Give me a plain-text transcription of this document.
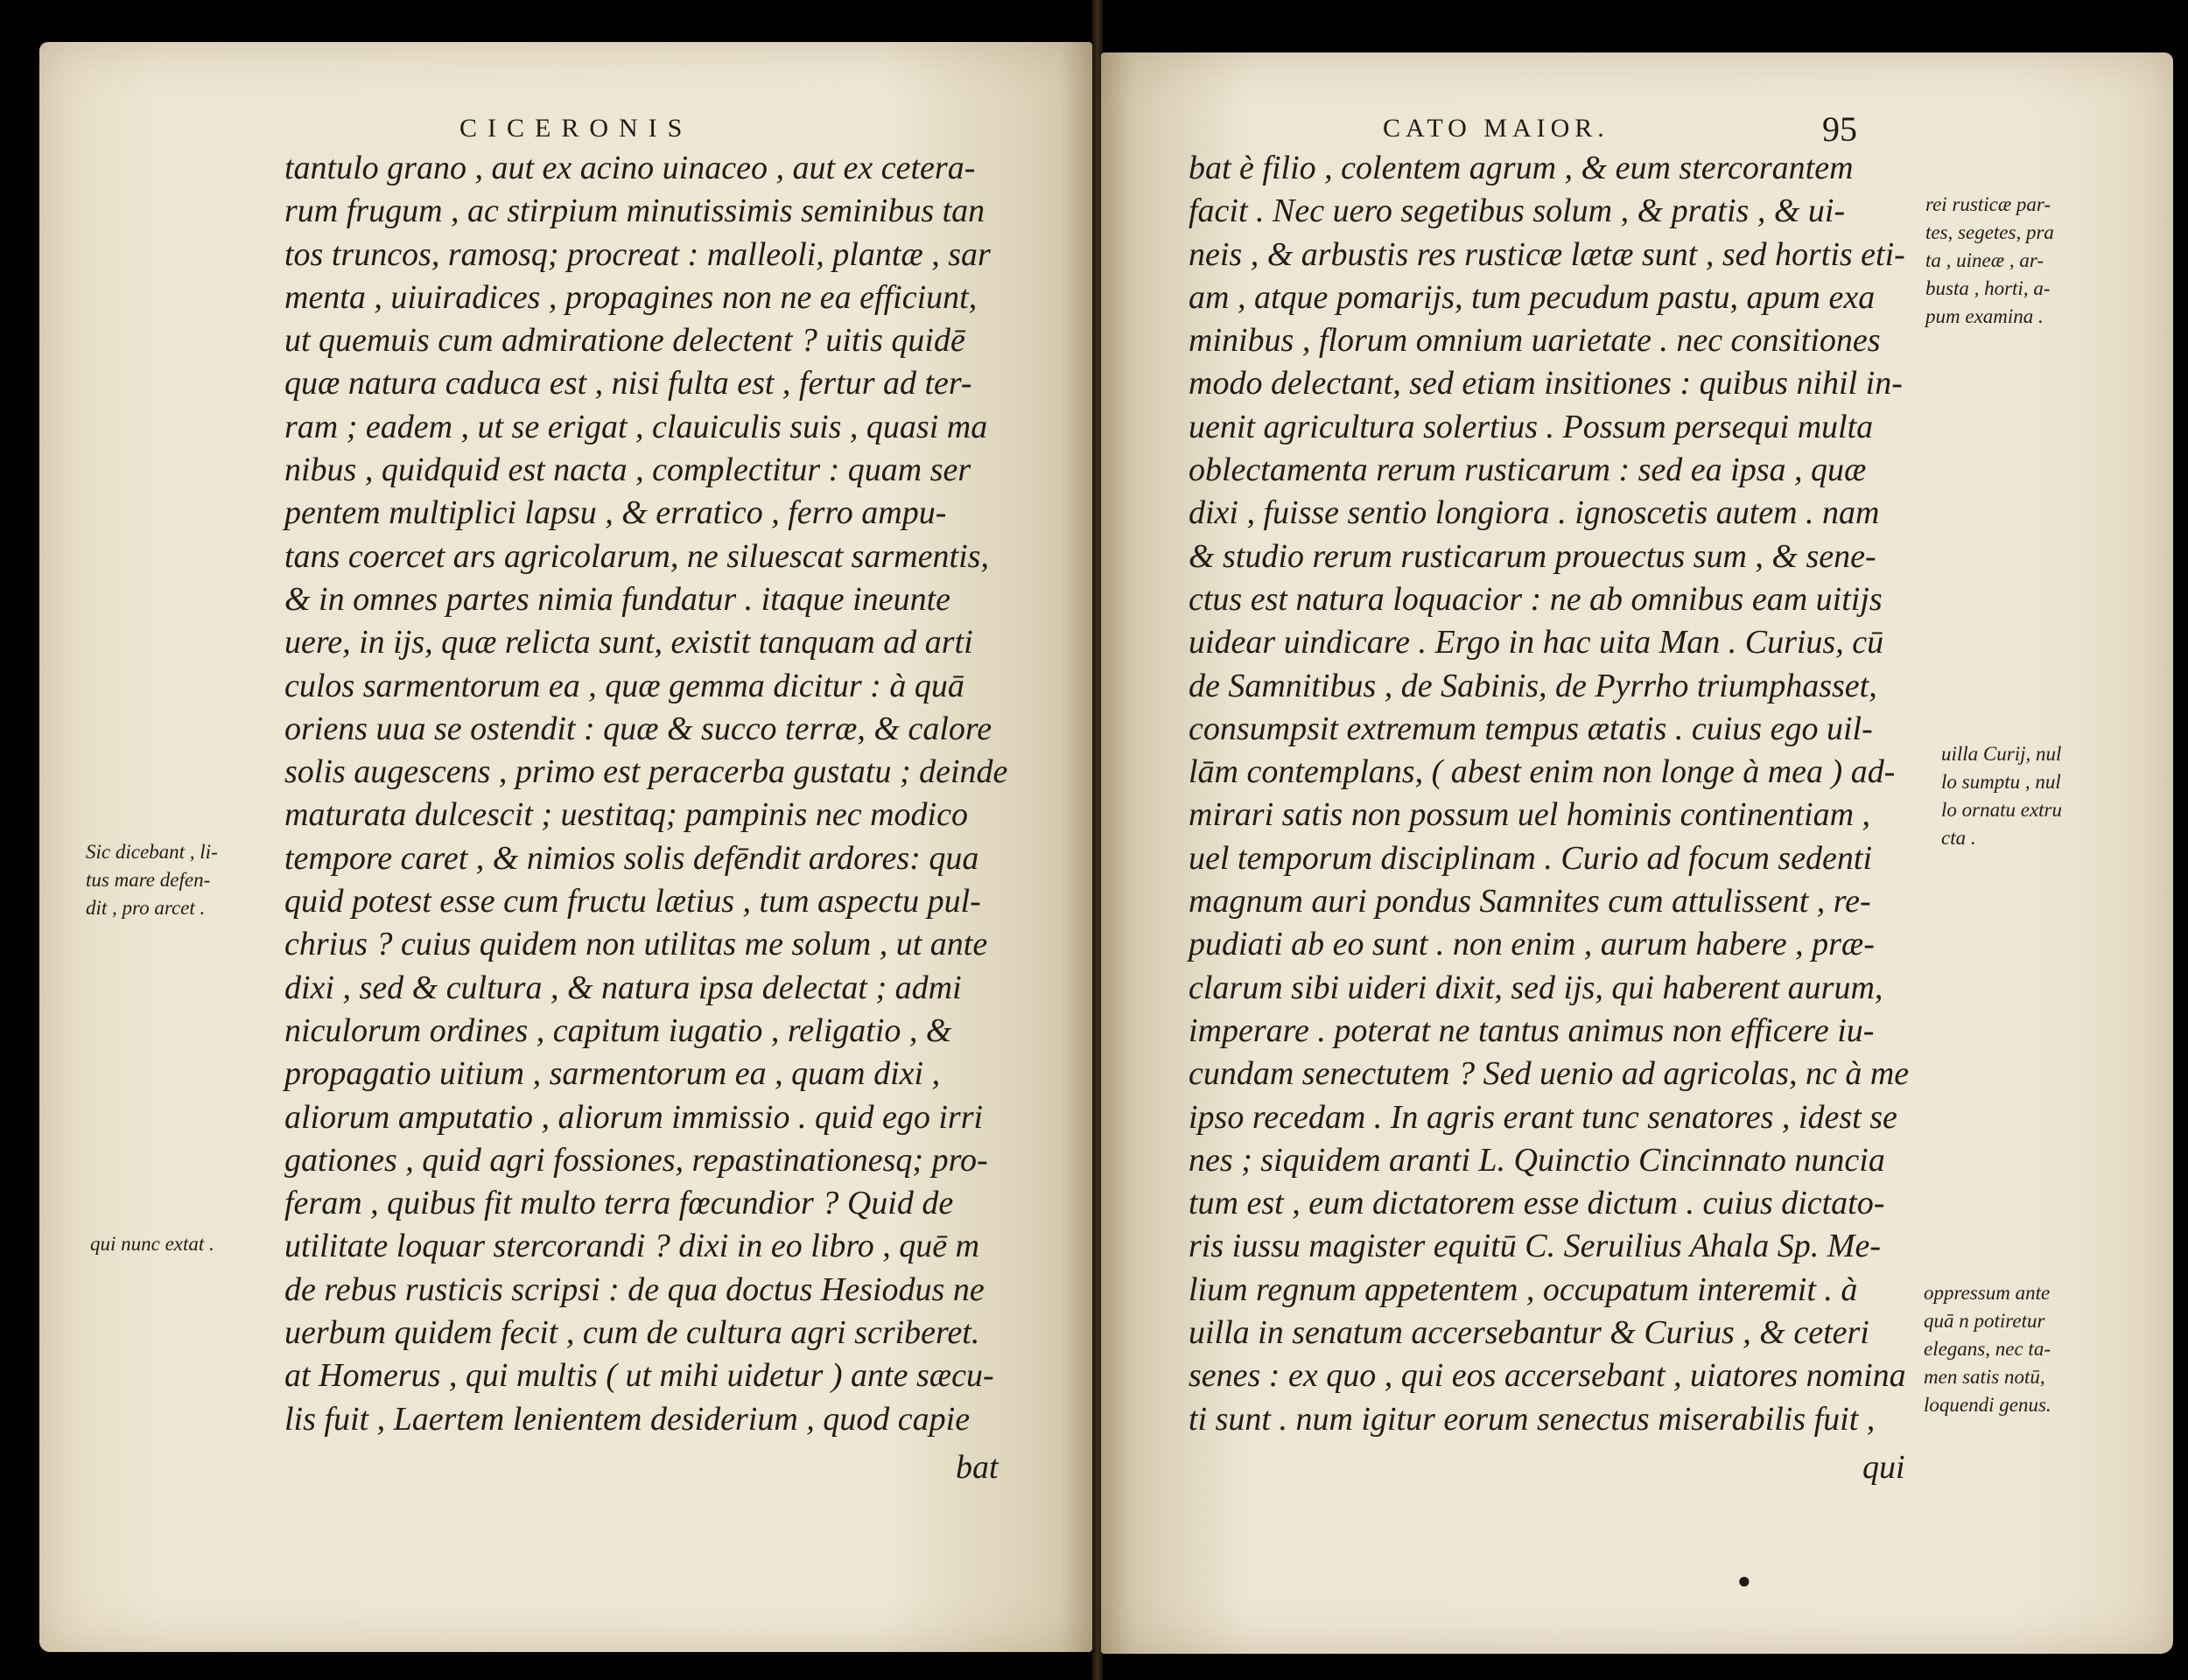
CICERONIS
tantulo grano , aut ex acino uinaceo , aut ex cetera-
rum frugum , ac stirpium minutissimis seminibus tan
tos truncos, ramosq; procreat : malleoli, plantæ , sar
menta , uiuiradices , propagines non ne ea efficiunt,
ut quemuis cum admiratione delectent ? uitis quidē
quæ natura caduca est , nisi fulta est , fertur ad ter-
ram ; eadem , ut se erigat , clauiculis suis , quasi ma
nibus , quidquid est nacta , complectitur : quam ser
pentem multiplici lapsu , & erratico , ferro ampu-
tans coercet ars agricolarum, ne siluescat sarmentis,
& in omnes partes nimia fundatur . itaque ineunte
uere, in ijs, quæ relicta sunt, existit tanquam ad arti
culos sarmentorum ea , quæ gemma dicitur : à quā
oriens uua se ostendit : quæ & succo terræ, & calore
solis augescens , primo est peracerba gustatu ; deinde
maturata dulcescit ; uestitaq; pampinis nec modico
tempore caret , & nimios solis defēndit ardores: qua
quid potest esse cum fructu lætius , tum aspectu pul-
chrius ? cuius quidem non utilitas me solum , ut ante
dixi , sed & cultura , & natura ipsa delectat ; admi
niculorum ordines , capitum iugatio , religatio , &
propagatio uitium , sarmentorum ea , quam dixi ,
aliorum amputatio , aliorum immissio . quid ego irri
gationes , quid agri fossiones, repastinationesq; pro-
feram , quibus fit multo terra fœcundior ? Quid de
utilitate loquar stercorandi ? dixi in eo libro , quē m
de rebus rusticis scripsi : de qua doctus Hesiodus ne
uerbum quidem fecit , cum de cultura agri scriberet.
at Homerus , qui multis ( ut mihi uidetur ) ante sæcu-
lis fuit , Laertem lenientem desiderium , quod capie
bat
Sic dicebant , li-
tus mare defen-
dit , pro arcet .
qui nunc extat .
CATO MAIOR.	95
bat è filio , colentem agrum , & eum stercorantem
facit . Nec uero segetibus solum , & pratis , & ui-
neis , & arbustis res rusticæ lætæ sunt , sed hortis eti-
am , atque pomarijs, tum pecudum pastu, apum exa
minibus , florum omnium uarietate . nec consitiones
modo delectant, sed etiam insitiones : quibus nihil in-
uenit agricultura solertius . Possum persequi multa
oblectamenta rerum rusticarum : sed ea ipsa , quæ
dixi , fuisse sentio longiora . ignoscetis autem . nam
& studio rerum rusticarum prouectus sum , & sene-
ctus est natura loquacior : ne ab omnibus eam uitijs
uidear uindicare . Ergo in hac uita Man . Curius, cū
de Samnitibus , de Sabinis, de Pyrrho triumphasset,
consumpsit extremum tempus ætatis . cuius ego uil-
lām contemplans, ( abest enim non longe à mea ) ad-
mirari satis non possum uel hominis continentiam ,
uel temporum disciplinam . Curio ad focum sedenti
magnum auri pondus Samnites cum attulissent , re-
pudiati ab eo sunt . non enim , aurum habere , præ-
clarum sibi uideri dixit, sed ijs, qui haberent aurum,
imperare . poterat ne tantus animus non efficere iu-
cundam senectutem ? Sed uenio ad agricolas, nc à me
ipso recedam . In agris erant tunc senatores , idest se
nes ; siquidem aranti L. Quinctio Cincinnato nuncia
tum est , eum dictatorem esse dictum . cuius dictato-
ris iussu magister equitū C. Seruilius Ahala Sp. Me-
lium regnum appetentem , occupatum interemit . à
uilla in senatum accersebantur & Curius , & ceteri
senes : ex quo , qui eos accersebant , uiatores nomina
ti sunt . num igitur eorum senectus miserabilis fuit ,
qui
rei rusticæ par-
tes, segetes, pra
ta , uineæ , ar-
busta , horti, a-
pum examina .
uilla Curij, nul
lo sumptu , nul
lo ornatu extru
cta .
oppressum ante
quā n potiretur
elegans, nec ta-
men satis notū,
loquendi genus.
●
